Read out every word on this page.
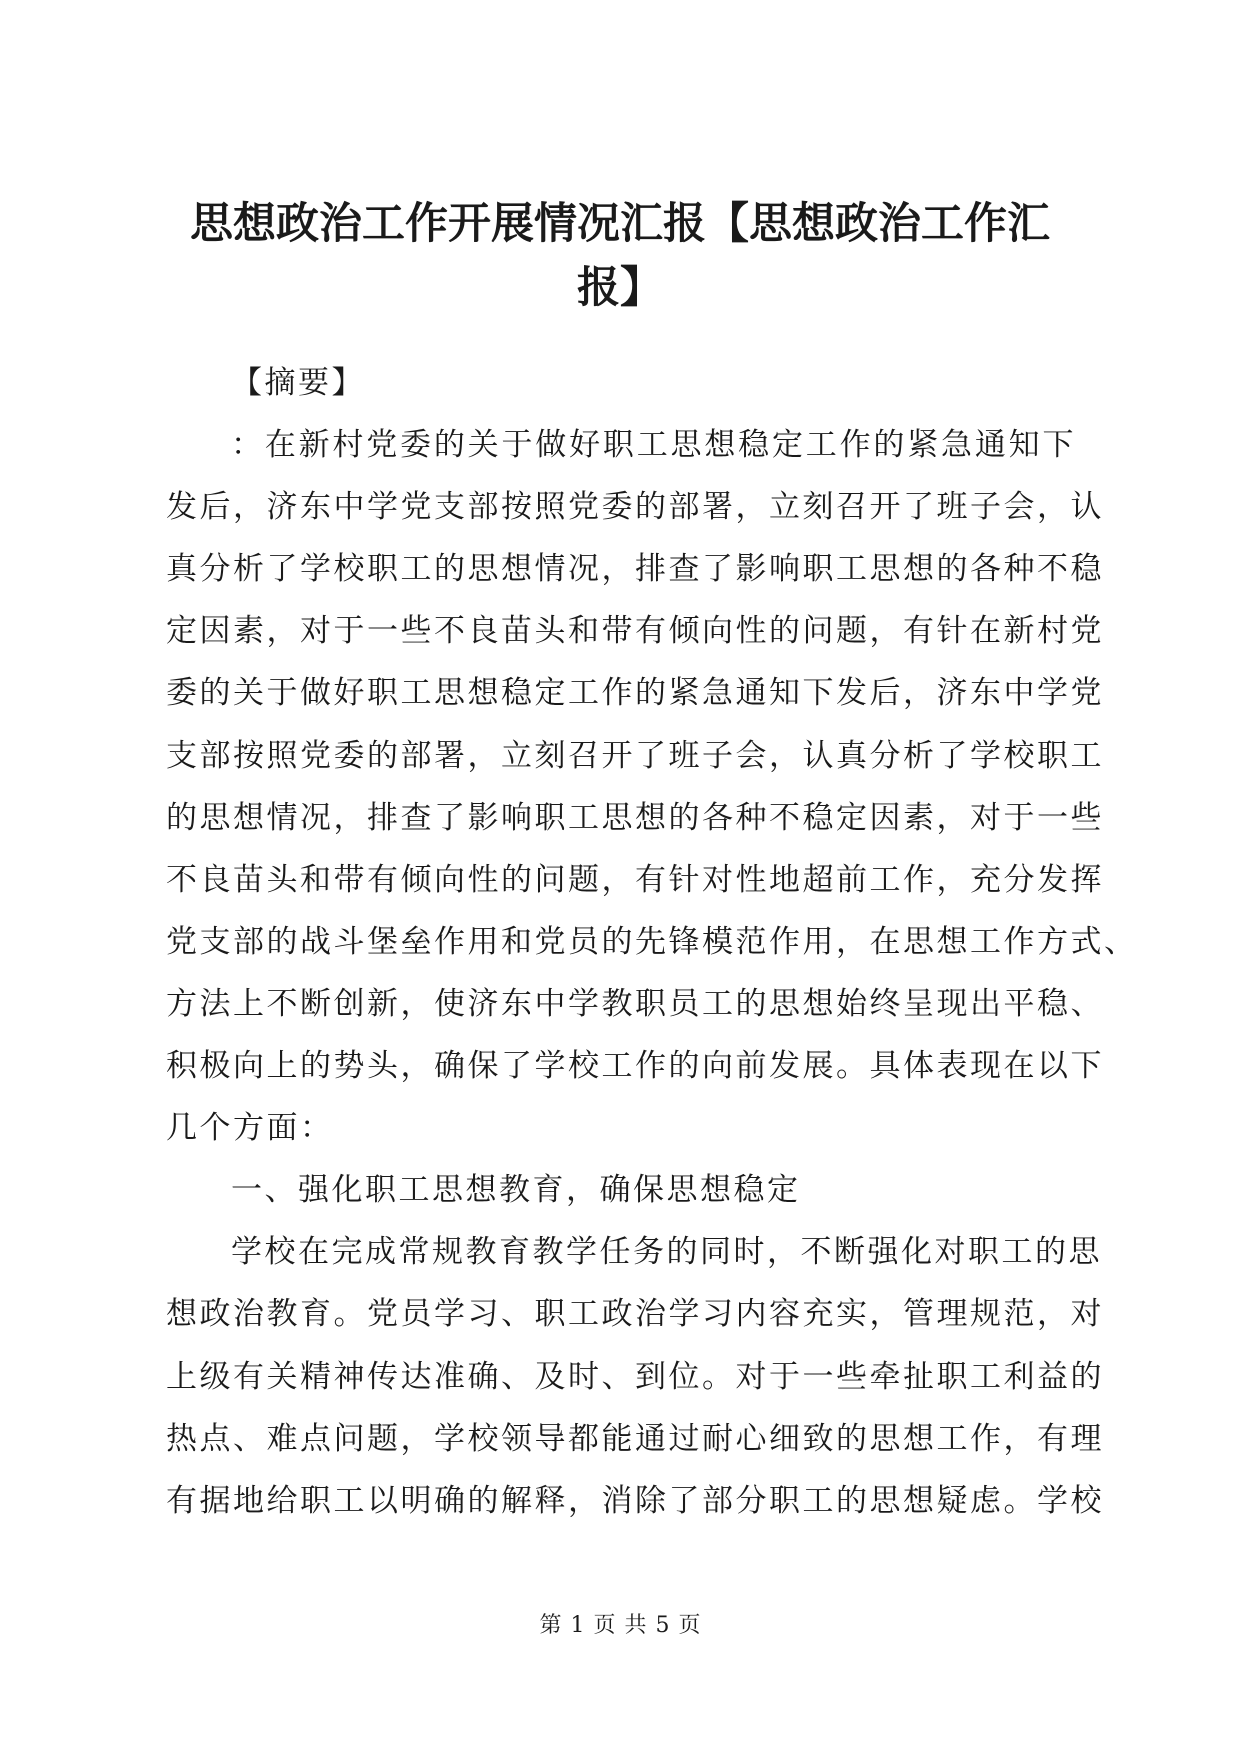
思想政治工作开展情况汇报【思想政治工作汇
报】
【摘要】
：在新村党委的关于做好职工思想稳定工作的紧急通知下
发后，济东中学党支部按照党委的部署，立刻召开了班子会，认
真分析了学校职工的思想情况，排查了影响职工思想的各种不稳
定因素，对于一些不良苗头和带有倾向性的问题，有针在新村党
委的关于做好职工思想稳定工作的紧急通知下发后，济东中学党
支部按照党委的部署，立刻召开了班子会，认真分析了学校职工
的思想情况，排查了影响职工思想的各种不稳定因素，对于一些
不良苗头和带有倾向性的问题，有针对性地超前工作，充分发挥
党支部的战斗堡垒作用和党员的先锋模范作用，在思想工作方式、
方法上不断创新，使济东中学教职员工的思想始终呈现出平稳、
积极向上的势头，确保了学校工作的向前发展。具体表现在以下
几个方面：
一、强化职工思想教育，确保思想稳定
学校在完成常规教育教学任务的同时，不断强化对职工的思
想政治教育。党员学习、职工政治学习内容充实，管理规范，对
上级有关精神传达准确、及时、到位。对于一些牵扯职工利益的
热点、难点问题，学校领导都能通过耐心细致的思想工作，有理
有据地给职工以明确的解释，消除了部分职工的思想疑虑。学校
第 1 页 共 5 页
